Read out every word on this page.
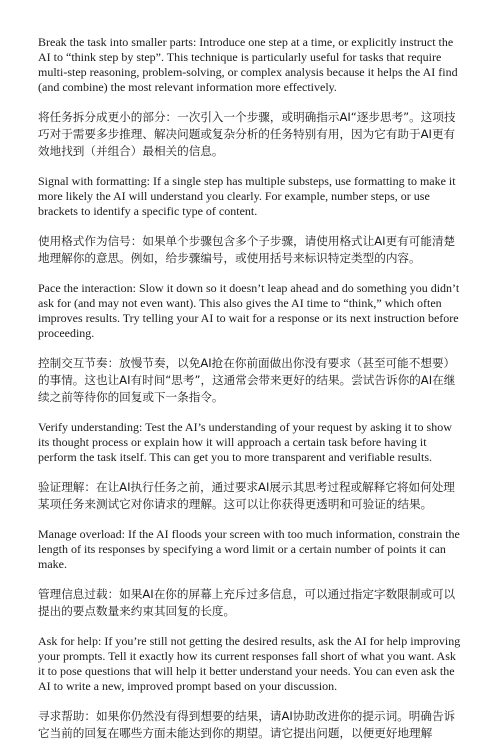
Break the task into smaller parts: Introduce one step at a time, or explicitly instruct the AI to “think step by step”. This technique is particularly useful for tasks that require multi-step reasoning, problem-solving, or complex analysis because it helps the AI find (and combine) the most relevant information more effectively.

将任务拆分成更小的部分：一次引入一个步骤，或明确指示AI“逐步思考”。这项技巧对于需要多步推理、解决问题或复杂分析的任务特别有用，因为它有助于AI更有效地找到（并组合）最相关的信息。

Signal with formatting: If a single step has multiple substeps, use formatting to make it more likely the AI will understand you clearly. For example, number steps, or use brackets to identify a specific type of content.

使用格式作为信号：如果单个步骤包含多个子步骤，请使用格式让AI更有可能清楚地理解你的意思。例如，给步骤编号，或使用括号来标识特定类型的内容。

Pace the interaction: Slow it down so it doesn’t leap ahead and do something you didn’t ask for (and may not even want). This also gives the AI time to “think,” which often improves results. Try telling your AI to wait for a response or its next instruction before proceeding.

控制交互节奏：放慢节奏，以免AI抢在你前面做出你没有要求（甚至可能不想要）的事情。这也让AI有时间“思考”，这通常会带来更好的结果。尝试告诉你的AI在继续之前等待你的回复或下一条指令。

Verify understanding: Test the AI’s understanding of your request by asking it to show its thought process or explain how it will approach a certain task before having it perform the task itself. This can get you to more transparent and verifiable results.

验证理解：在让AI执行任务之前，通过要求AI展示其思考过程或解释它将如何处理某项任务来测试它对你请求的理解。这可以让你获得更透明和可验证的结果。

Manage overload: If the AI floods your screen with too much information, constrain the length of its responses by specifying a word limit or a certain number of points it can make.

管理信息过载：如果AI在你的屏幕上充斥过多信息，可以通过指定字数限制或可以提出的要点数量来约束其回复的长度。

Ask for help: If you’re still not getting the desired results, ask the AI for help improving your prompts. Tell it exactly how its current responses fall short of what you want. Ask it to pose questions that will help it better understand your needs. You can even ask the AI to write a new, improved prompt based on your discussion.

寻求帮助：如果你仍然没有得到想要的结果，请AI协助改进你的提示词。明确告诉它当前的回复在哪些方面未能达到你的期望。请它提出问题，以便更好地理解
